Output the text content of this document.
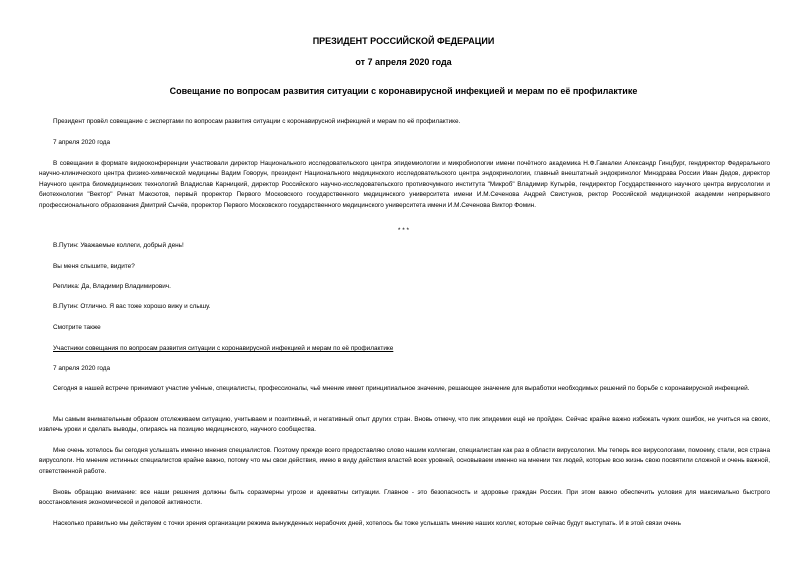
ПРЕЗИДЕНТ РОССИЙСКОЙ ФЕДЕРАЦИИ
от 7 апреля 2020 года
Совещание по вопросам развития ситуации с коронавирусной инфекцией и мерам по её профилактике
Президент провёл совещание с экспертами по вопросам развития ситуации с коронавирусной инфекцией и мерам по её профилактике.
7 апреля 2020 года
В совещании в формате видеоконференции участвовали директор Национального исследовательского центра эпидемиологии и микробиологии имени почётного академика Н.Ф.Гамалеи Александр Гинцбург, гендиректор Федерального научно-клинического центра физико-химической медицины Вадим Говорун, президент Национального медицинского исследовательского центра эндокринологии, главный внештатный эндокринолог Минздрава России Иван Дедов, директор Научного центра биомедицинских технологий Владислав Карницкий, директор Российского научно-исследовательского противочумного института "Микроб" Владимир Кутырёв, гендиректор Государственного научного центра вирусологии и биотехнологии "Вектор" Ринат Максютов, первый проректор Первого Московского государственного медицинского университета имени И.М.Сеченова Андрей Свистунов, ректор Российской медицинской академии непрерывного профессионального образования Дмитрий Сычёв, проректор Первого Московского государственного медицинского университета имени И.М.Сеченова Виктор Фомин.
* * *
В.Путин: Уважаемые коллеги, добрый день!
Вы меня слышите, видите?
Реплика: Да, Владимир Владимирович.
В.Путин: Отлично. Я вас тоже хорошо вижу и слышу.
Смотрите также
Участники совещания по вопросам развития ситуации с коронавирусной инфекцией и мерам по её профилактике
7 апреля 2020 года
Сегодня в нашей встрече принимают участие учёные, специалисты, профессионалы, чьё мнение имеет принципиальное значение, решающее значение для выработки необходимых решений по борьбе с коронавирусной инфекцией.
Мы самым внимательным образом отслеживаем ситуацию, учитываем и позитивный, и негативный опыт других стран. Вновь отмечу, что пик эпидемии ещё не пройден. Сейчас крайне важно избежать чужих ошибок, не учиться на своих, извлечь уроки и сделать выводы, опираясь на позицию медицинского, научного сообщества.
Мне очень хотелось бы сегодня услышать именно мнения специалистов. Поэтому прежде всего предоставляю слово нашим коллегам, специалистам как раз в области вирусологии. Мы теперь все вирусологами, помоему, стали, вся страна вирусологи. Но мнение истинных специалистов крайне важно, потому что мы свои действия, имею в виду действия властей всех уровней, основываем именно на мнении тех людей, которые всю жизнь свою посвятили сложной и очень важной, ответственной работе.
Вновь обращаю внимание: все наши решения должны быть соразмерны угрозе и адекватны ситуации. Главное - это безопасность и здоровье граждан России. При этом важно обеспечить условия для максимально быстрого восстановления экономической и деловой активности.
Насколько правильно мы действуем с точки зрения организации режима вынужденных нерабочих дней, хотелось бы тоже услышать мнение наших коллег, которые сейчас будут выступать. И в этой связи очень
